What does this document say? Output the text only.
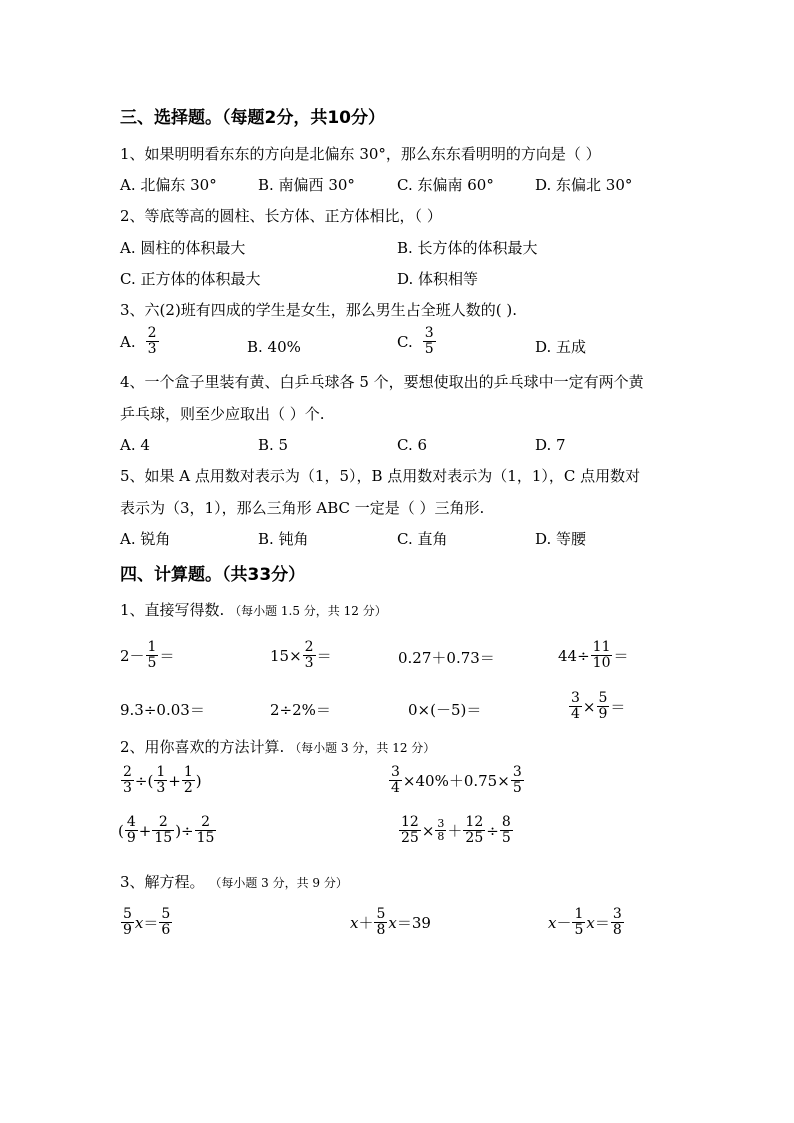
三、选择题。（每题2分，共10分）
1、如果明明看东东的方向是北偏东 30°，那么东东看明明的方向是（ ）
A. 北偏东 30°	B. 南偏西 30°	C. 东偏南 60°	D. 东偏北 30°
2、等底等高的圆柱、长方体、正方体相比，（ ）
A. 圆柱的体积最大	B. 长方体的体积最大
C. 正方体的体积最大	D. 体积相等
3、六(2)班有四成的学生是女生，那么男生占全班人数的( ).
A. $\frac{2}{3}$	B. 40%	C. $\frac{3}{5}$	D. 五成
4、一个盒子里装有黄、白乒乓球各 5 个，要想使取出的乒乓球中一定有两个黄
乒乓球，则至少应取出（ ）个.
A. 4	B. 5	C. 6	D. 7
5、如果 A 点用数对表示为（1，5），B 点用数对表示为（1，1），C 点用数对
表示为（3，1），那么三角形 ABC 一定是（ ）三角形.
A. 锐角	B. 钝角	C. 直角	D. 等腰
四、计算题。（共33分）
1、直接写得数. （每小题 1.5 分，共 12 分）
$2- \frac{1}{5}$ ＝	$15\times \frac{2}{3}$ ＝	0.27＋0.73＝	$44\div \frac{11}{10}$ ＝
9.3÷0.03＝	2÷2%＝	0×(－5)＝	$\frac{3}{4} \times \frac{5}{9}$ ＝
2、用你喜欢的方法计算. （每小题 3 分，共 12 分）
$\frac{2}{3}$ ÷( $\frac{1}{3} + \frac{1}{2}$ )	$\frac{3}{4} \times 40\%+0.75\times \frac{3}{5}$
( $\frac{4}{9} + \frac{2}{15}$ )÷ $\frac{2}{15}$	$\frac{12}{25} \times \frac{3}{8} + \frac{12}{25} \div \frac{8}{5}$
3、解方程。 （每小题 3 分，共 9 分）
$\frac{5}{9}$ $x = \frac{5}{6}$	$x + \frac{5}{8}$ x ＝39	$x - \frac{1}{5}$ $x = \frac{3}{8}$
